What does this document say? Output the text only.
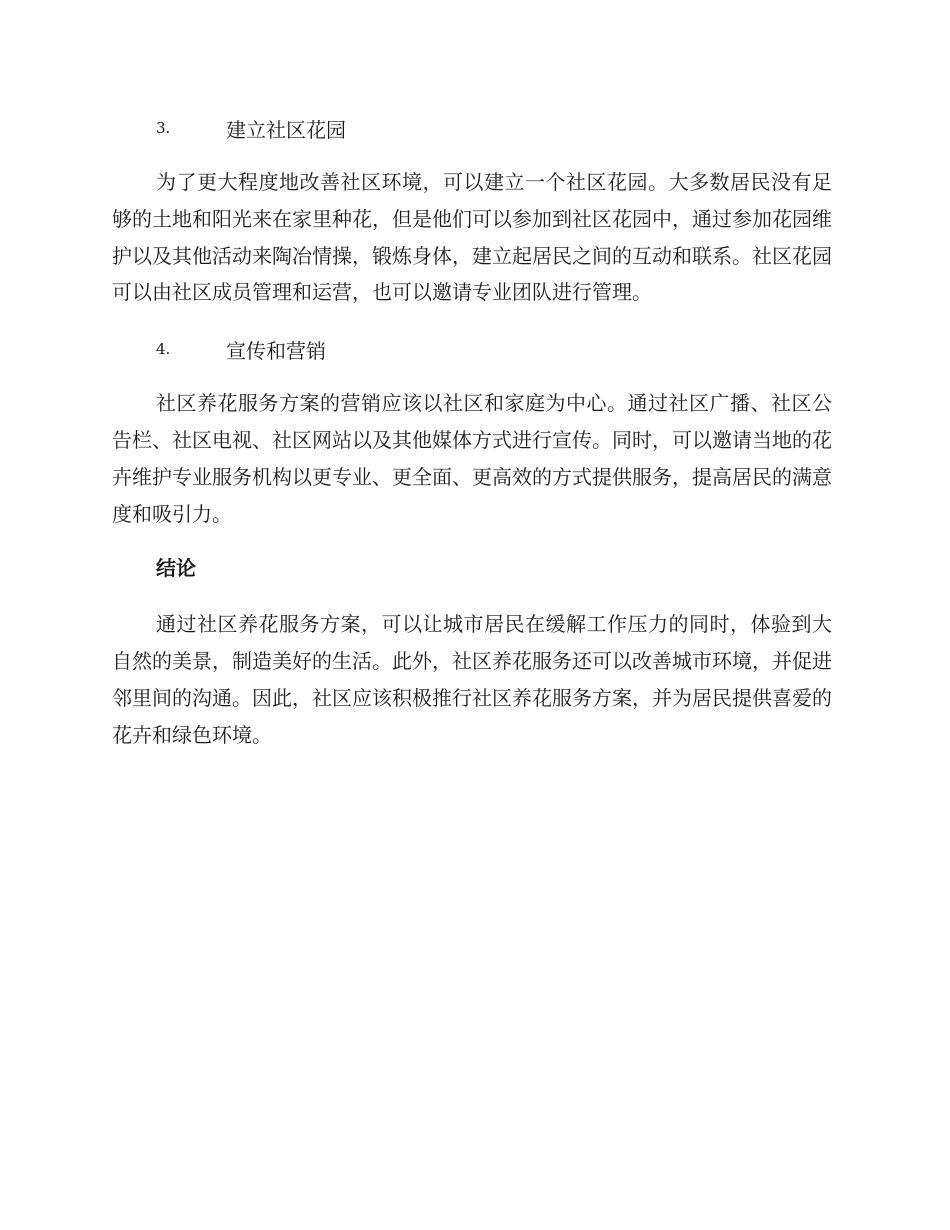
3.	建立社区花园

为了更大程度地改善社区环境，可以建立一个社区花园。大多数居民没有足够的土地和阳光来在家里种花，但是他们可以参加到社区花园中，通过参加花园维护以及其他活动来陶冶情操，锻炼身体，建立起居民之间的互动和联系。社区花园可以由社区成员管理和运营，也可以邀请专业团队进行管理。

4.	宣传和营销

社区养花服务方案的营销应该以社区和家庭为中心。通过社区广播、社区公告栏、社区电视、社区网站以及其他媒体方式进行宣传。同时，可以邀请当地的花卉维护专业服务机构以更专业、更全面、更高效的方式提供服务，提高居民的满意度和吸引力。

结论

通过社区养花服务方案，可以让城市居民在缓解工作压力的同时，体验到大自然的美景，制造美好的生活。此外，社区养花服务还可以改善城市环境，并促进邻里间的沟通。因此，社区应该积极推行社区养花服务方案，并为居民提供喜爱的花卉和绿色环境。
